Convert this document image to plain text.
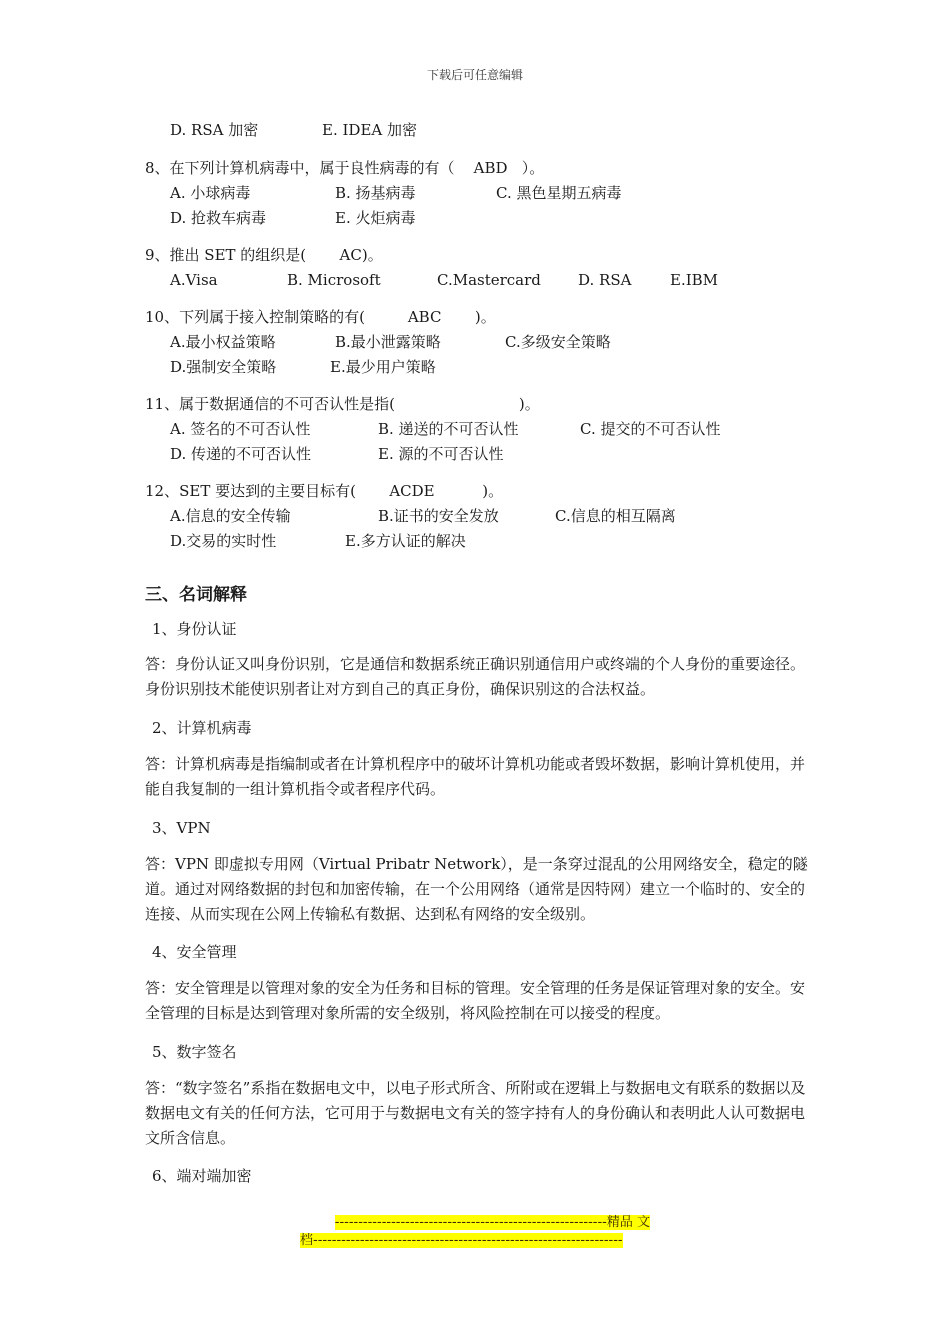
下载后可任意编辑
D. RSA 加密	E. IDEA 加密
8、在下列计算机病毒中，属于良性病毒的有（    ABD   ）。
A. 小球病毒	B. 扬基病毒	C. 黑色星期五病毒
D. 抢救车病毒	E. 火炬病毒
9、推出 SET 的组织是(       AC)。
A.Visa	B. Microsoft	C.Mastercard D. RSA	E.IBM
10、下列属于接入控制策略的有(         ABC       )。
A.最小权益策略	B.最小泄露策略	C.多级安全策略
D.强制安全策略	E.最少用户策略
11、属于数据通信的不可否认性是指(                          )。
A. 签名的不可否认性	B. 递送的不可否认性	C. 提交的不可否认性
D. 传递的不可否认性	E. 源的不可否认性
12、SET 要达到的主要目标有(       ACDE          )。
A.信息的安全传输	B.证书的安全发放	C.信息的相互隔离
D.交易的实时性	E.多方认证的解决
三、名词解释
1、身份认证
答：身份认证又叫身份识别，它是通信和数据系统正确识别通信用户或终端的个人身份的重要途径。身份识别技术能使识别者让对方到自己的真正身份，确保识别这的合法权益。
2、计算机病毒
答：计算机病毒是指编制或者在计算机程序中的破坏计算机功能或者毁坏数据，影响计算机使用，并能自我复制的一组计算机指令或者程序代码。
3、VPN
答：VPN 即虚拟专用网（Virtual Pribatr Network），是一条穿过混乱的公用网络安全，稳定的隧道。通过对网络数据的封包和加密传输，在一个公用网络（通常是因特网）建立一个临时的、安全的连接、从而实现在公网上传输私有数据、达到私有网络的安全级别。
4、安全管理
答：安全管理是以管理对象的安全为任务和目标的管理。安全管理的任务是保证管理对象的安全。安全管理的目标是达到管理对象所需的安全级别，将风险控制在可以接受的程度。
5、数字签名
答：“数字签名”系指在数据电文中，以电子形式所含、所附或在逻辑上与数据电文有联系的数据以及数据电文有关的任何方法，它可用于与数据电文有关的签字持有人的身份确认和表明此人认可数据电文所含信息。
6、端对端加密
----------------------------------------------------------精品 文
档------------------------------------------------------------------
